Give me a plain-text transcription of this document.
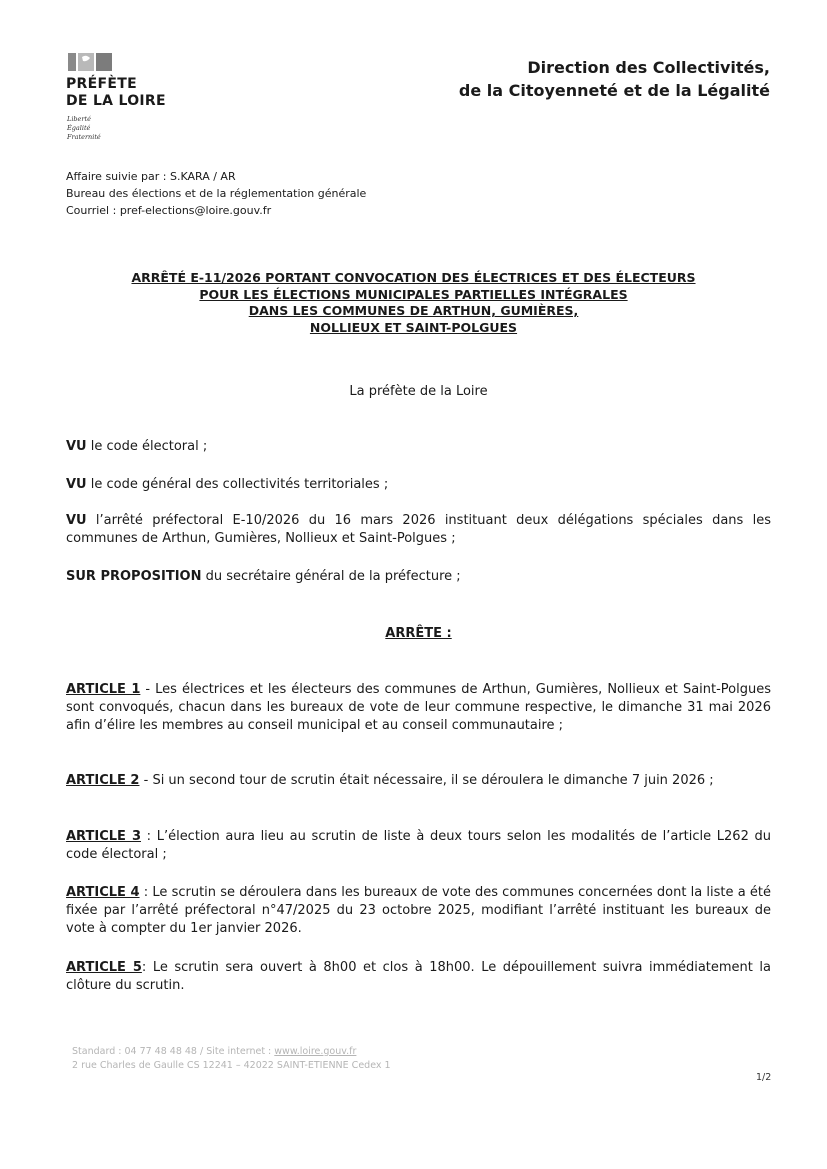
PRÉFÈTE
DE LA LOIRE
Liberté
Égalité
Fraternité
Direction des Collectivités,
de la Citoyenneté et de la Légalité
Affaire suivie par : S.KARA / AR
Bureau des élections et de la réglementation générale
Courriel : pref-elections@loire.gouv.fr
ARRÊTÉ E-11/2026 PORTANT CONVOCATION DES ÉLECTRICES ET DES ÉLECTEURS
POUR LES ÉLECTIONS MUNICIPALES PARTIELLES INTÉGRALES
DANS LES COMMUNES DE ARTHUN, GUMIÈRES,
NOLLIEUX ET SAINT-POLGUES
La préfète de la Loire
VU le code électoral ;
VU le code général des collectivités territoriales ;
VU l’arrêté préfectoral E-10/2026 du 16 mars 2026 instituant deux délégations spéciales dans les communes de Arthun, Gumières, Nollieux et Saint-Polgues ;
SUR PROPOSITION du secrétaire général de la préfecture ;
ARRÊTE :
ARTICLE 1 - Les électrices et les électeurs des communes de Arthun, Gumières, Nollieux et Saint-Polgues sont convoqués, chacun dans les bureaux de vote de leur commune respective, le dimanche 31 mai 2026 afin d’élire les membres au conseil municipal et au conseil communautaire ;
ARTICLE 2 - Si un second tour de scrutin était nécessaire, il se déroulera le dimanche 7 juin 2026 ;
ARTICLE 3 : L’élection aura lieu au scrutin de liste à deux tours selon les modalités de l’article L262 du code électoral ;
ARTICLE 4 : Le scrutin se déroulera dans les bureaux de vote des communes concernées dont la liste a été fixée par l’arrêté préfectoral n°47/2025 du 23 octobre 2025, modifiant l’arrêté instituant les bureaux de vote à compter du 1er janvier 2026.
ARTICLE 5: Le scrutin sera ouvert à 8h00 et clos à 18h00. Le dépouillement suivra immédiatement la clôture du scrutin.
Standard : 04 77 48 48 48 / Site internet : www.loire.gouv.fr
2 rue Charles de Gaulle CS 12241 – 42022 SAINT-ETIENNE Cedex 1
1/2
